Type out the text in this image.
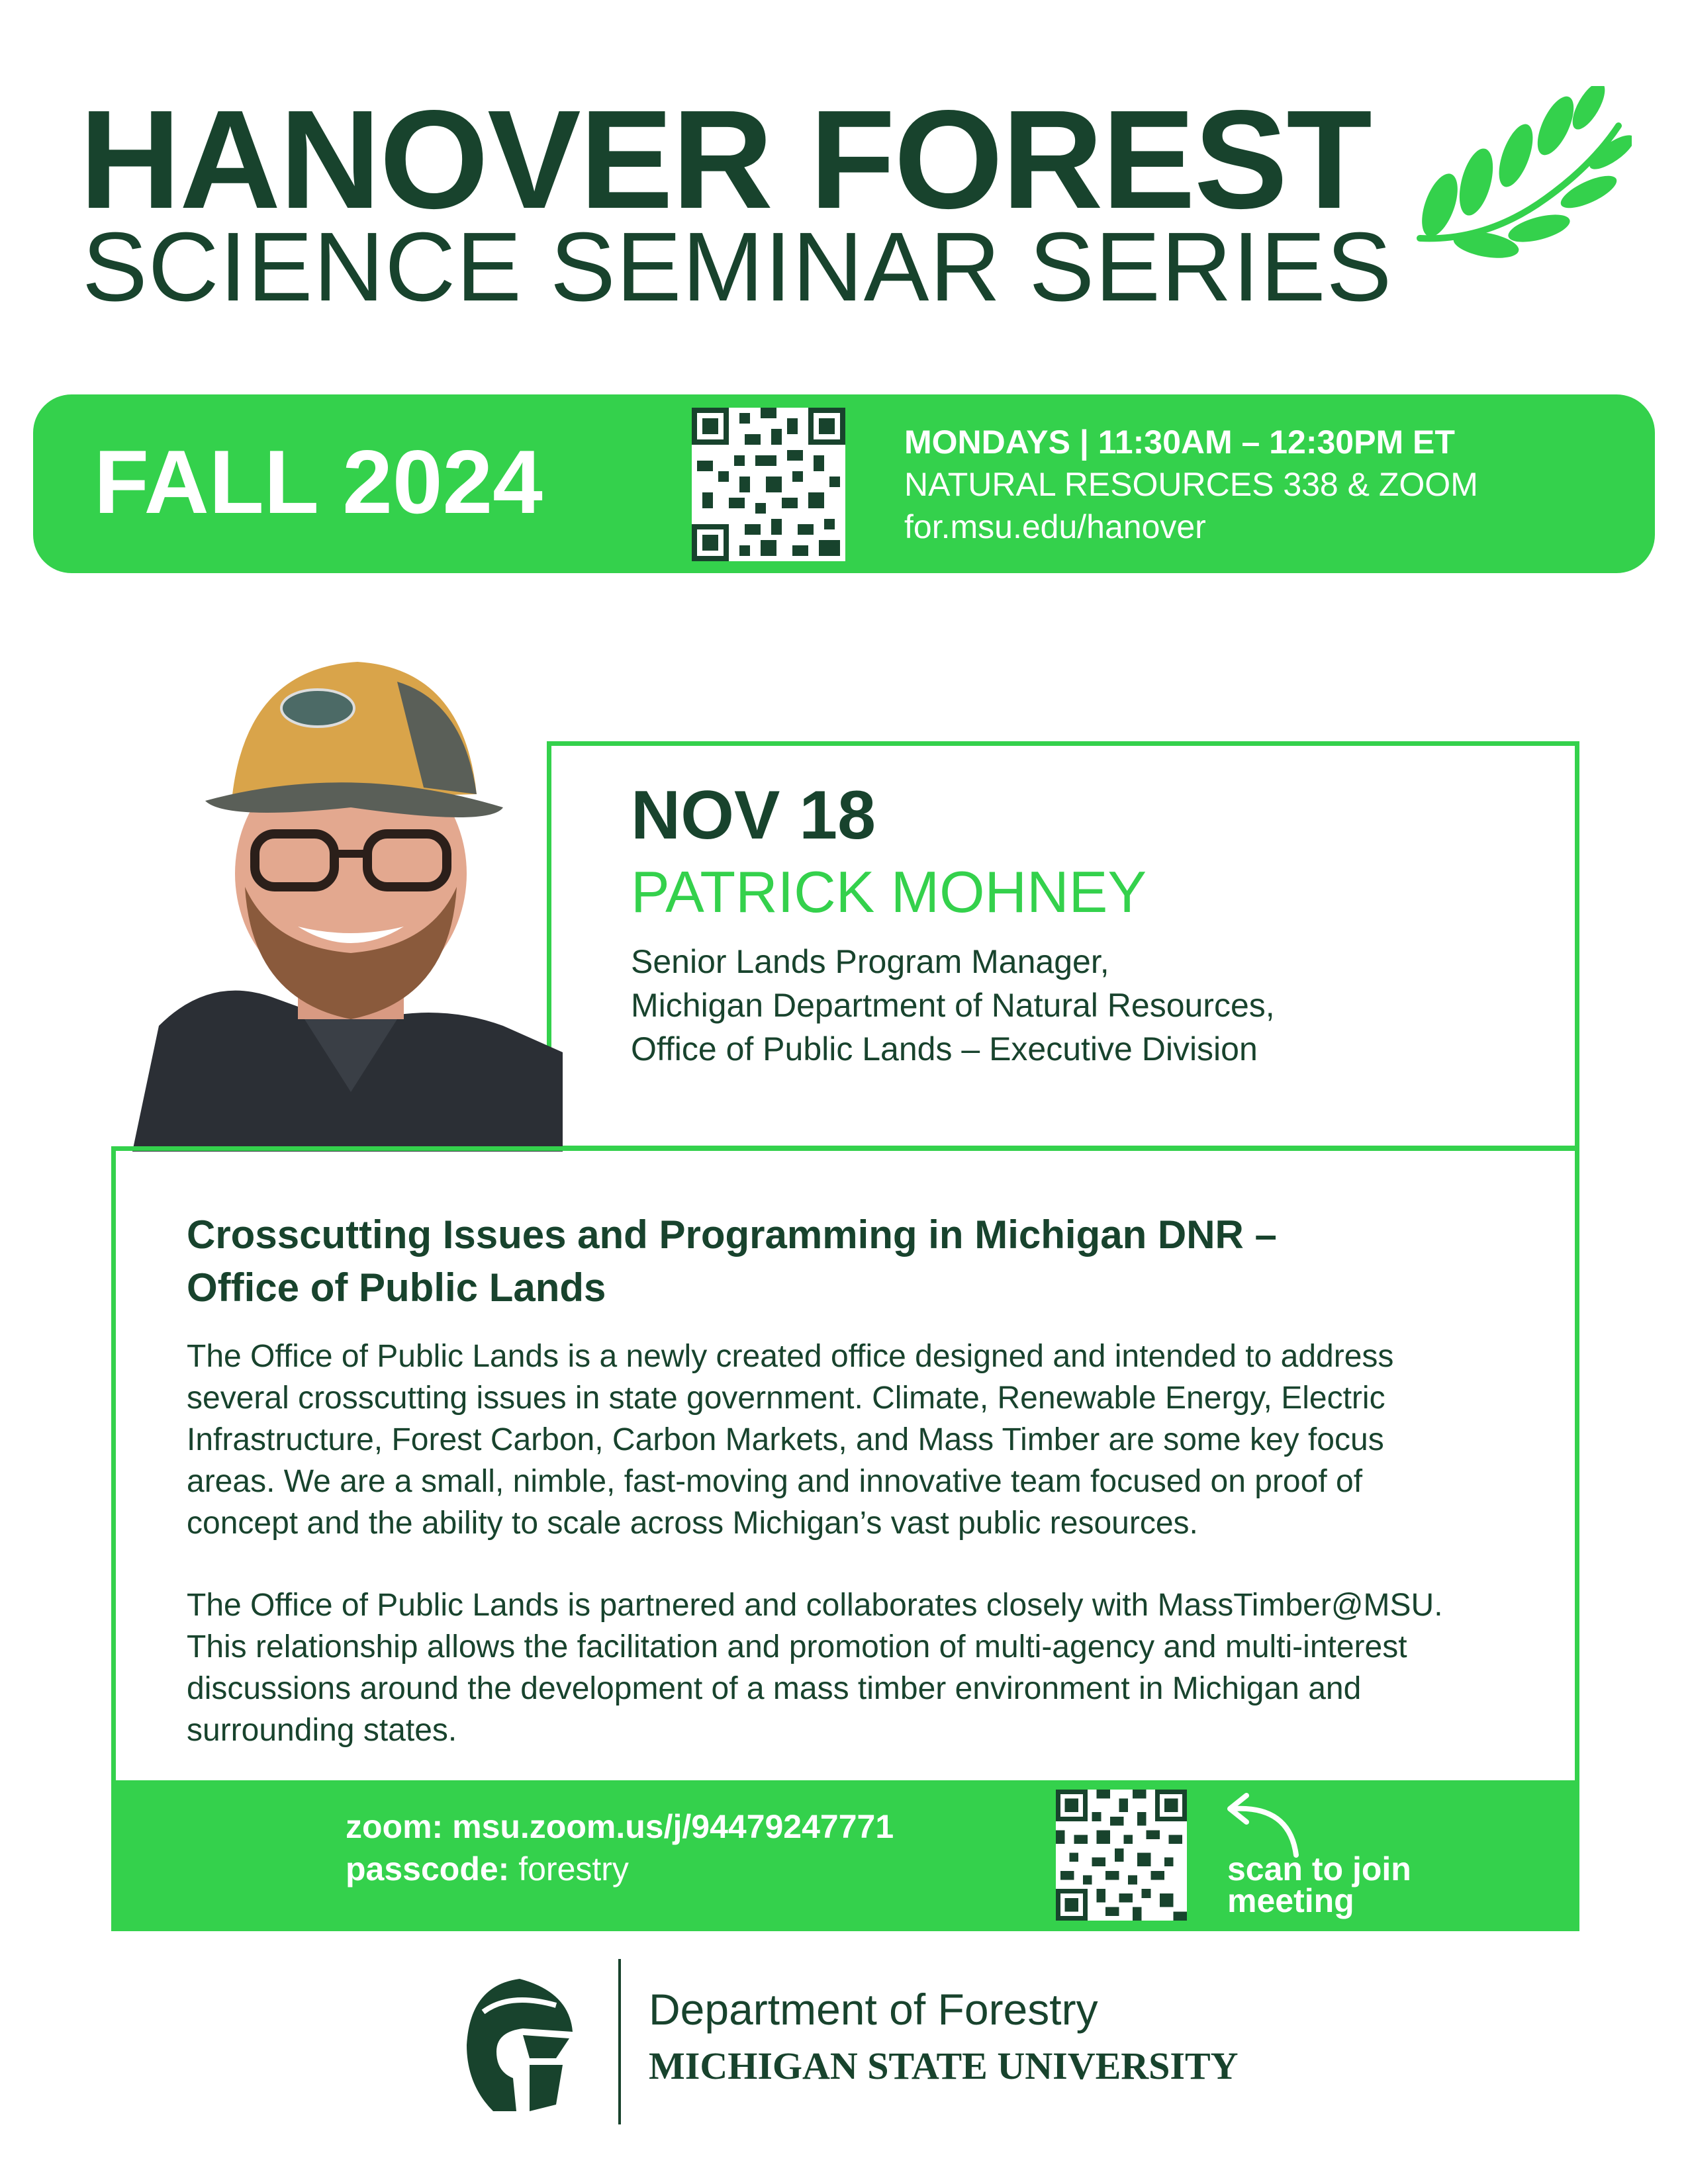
HANOVER FOREST
SCIENCE SEMINAR SERIES
FALL 2024	MONDAYS | 11:30AM – 12:30PM ET
NATURAL RESOURCES 338 & ZOOM
for.msu.edu/hanover
NOV 18
PATRICK MOHNEY
Senior Lands Program Manager,
Michigan Department of Natural Resources,
Office of Public Lands – Executive Division
Crosscutting Issues and Programming in Michigan DNR –
Office of Public Lands
The Office of Public Lands is a newly created office designed and intended to address
several crosscutting issues in state government. Climate, Renewable Energy, Electric
Infrastructure, Forest Carbon, Carbon Markets, and Mass Timber are some key focus
areas. We are a small, nimble, fast-moving and innovative team focused on proof of
concept and the ability to scale across Michigan’s vast public resources.
The Office of Public Lands is partnered and collaborates closely with MassTimber@MSU.
This relationship allows the facilitation and promotion of multi-agency and multi-interest
discussions around the development of a mass timber environment in Michigan and
surrounding states.
zoom: msu.zoom.us/j/94479247771
passcode: forestry	scan to join
meeting
Department of Forestry
MICHIGAN STATE UNIVERSITY
